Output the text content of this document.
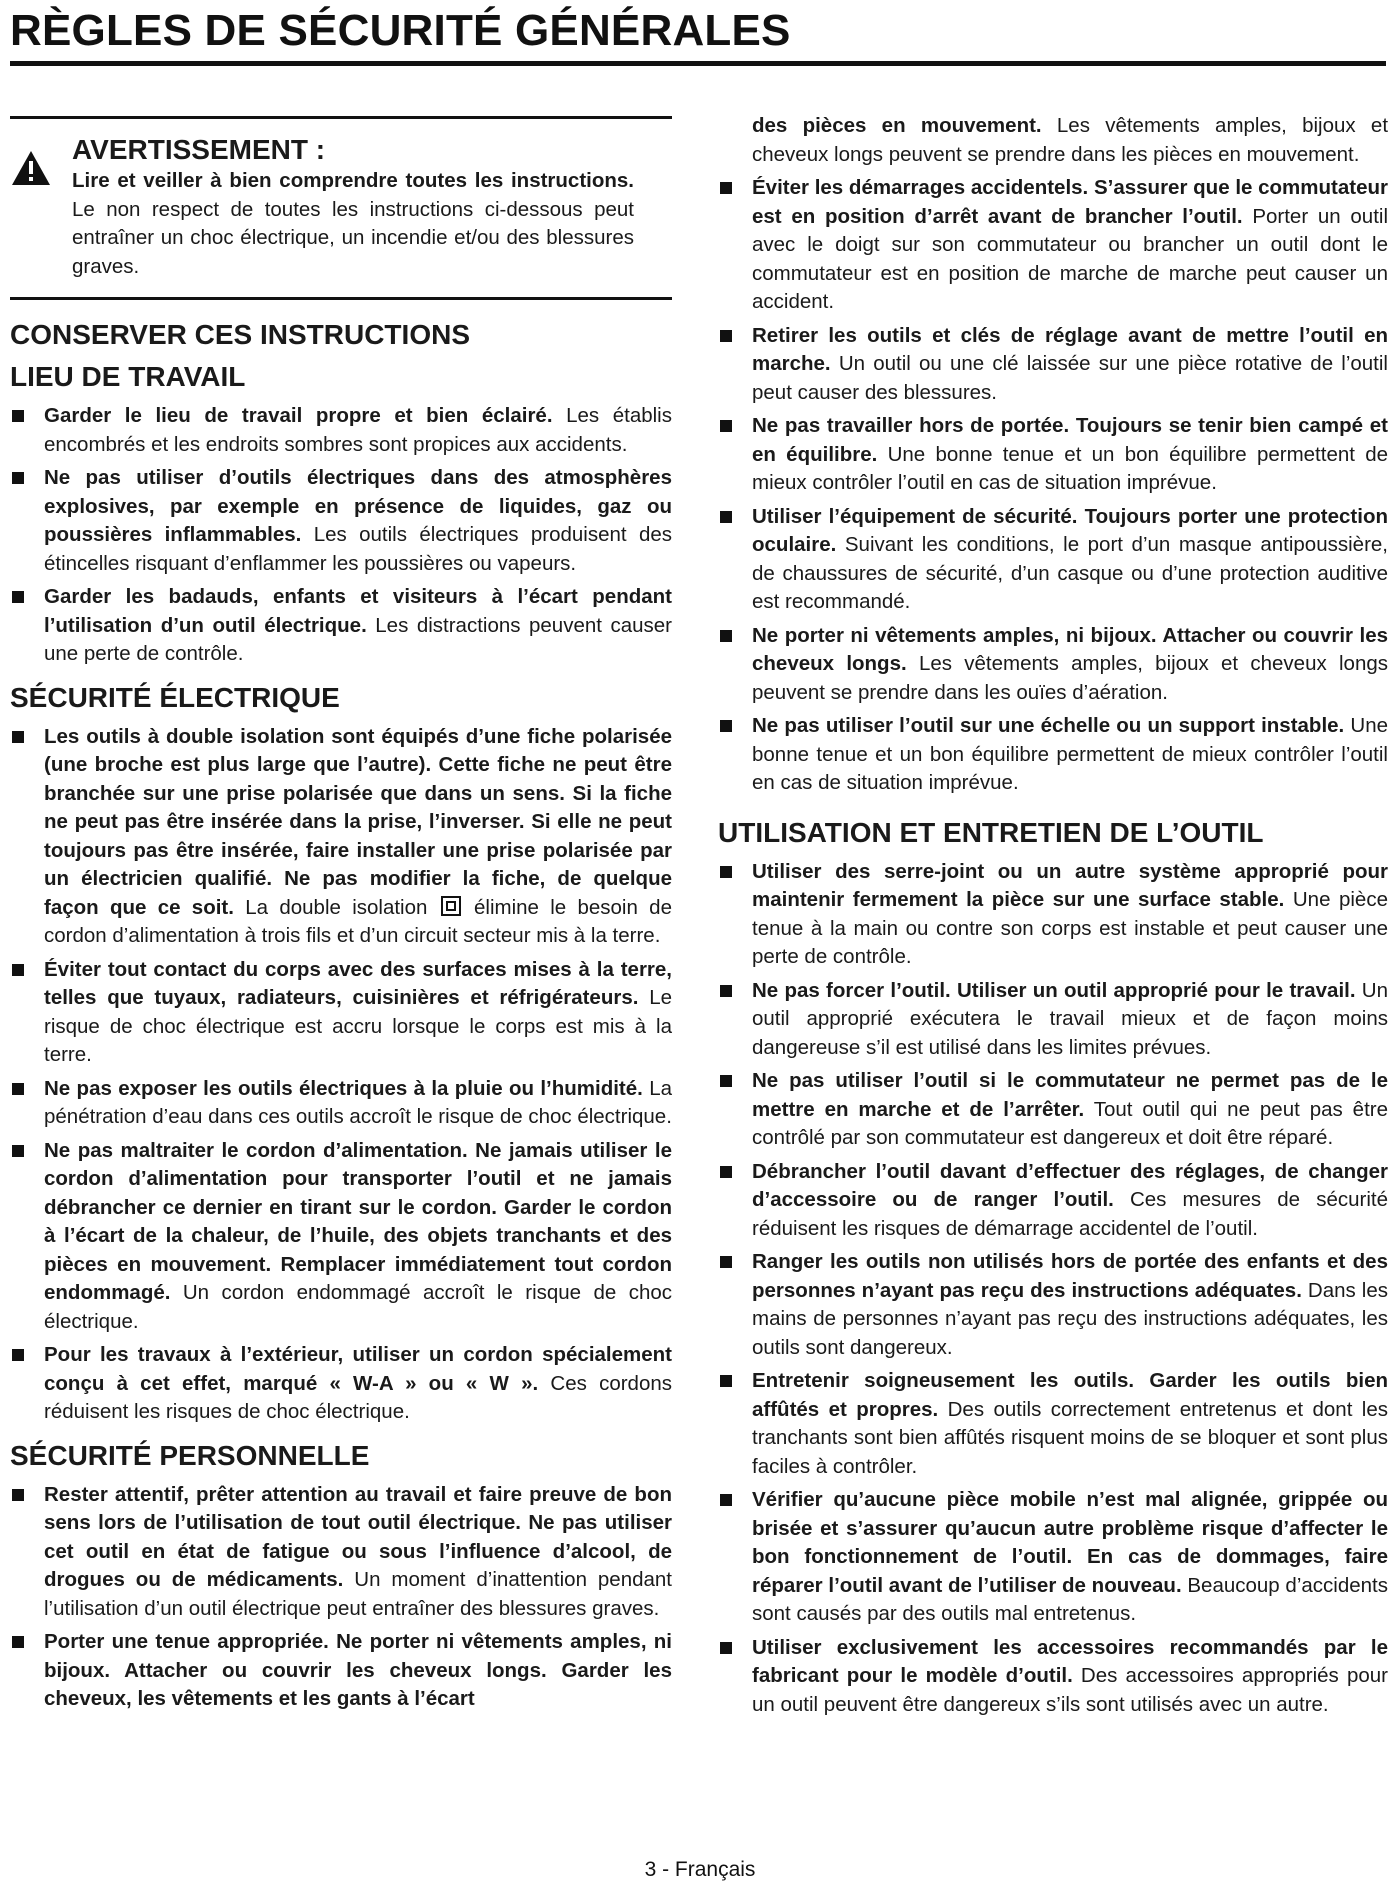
RÈGLES DE SÉCURITÉ GÉNÉRALES
AVERTISSEMENT :
Lire et veiller à bien comprendre toutes les instructions. Le non respect de toutes les instructions ci-dessous peut entraîner un choc électrique, un incendie et/ou des blessures graves.
CONSERVER CES INSTRUCTIONS
LIEU DE TRAVAIL
Garder le lieu de travail propre et bien éclairé. Les établis encombrés et les endroits sombres sont propices aux accidents.
Ne pas utiliser d’outils électriques dans des atmosphères explosives, par exemple en présence de liquides, gaz ou poussières inflammables. Les outils électriques produisent des étincelles risquant d’enflammer les poussières ou vapeurs.
Garder les badauds, enfants et visiteurs à l’écart pendant l’utilisation d’un outil électrique. Les distractions peuvent causer une perte de contrôle.
SÉCURITÉ ÉLECTRIQUE
Les outils à double isolation sont équipés d’une fiche polarisée (une broche est plus large que l’autre). Cette fiche ne peut être branchée sur une prise polarisée que dans un sens. Si la fiche ne peut pas être insérée dans la prise, l’inverser. Si elle ne peut toujours pas être insérée, faire installer une prise polarisée par un électricien qualifié. Ne pas modifier la fiche, de quelque façon que ce soit. La double isolation  élimine le besoin de cordon d’alimentation à trois fils et d’un circuit secteur mis à la terre.
Éviter tout contact du corps avec des surfaces mises à la terre, telles que tuyaux, radiateurs, cuisinières et réfrigérateurs. Le risque de choc électrique est accru lorsque le corps est mis à la terre.
Ne pas exposer les outils électriques à la pluie ou l’humidité. La pénétration d’eau dans ces outils accroît le risque de choc électrique.
Ne pas maltraiter le cordon d’alimentation. Ne jamais utiliser le cordon d’alimentation pour transporter l’outil et ne jamais débrancher ce dernier en tirant sur le cordon. Garder le cordon à l’écart de la chaleur, de l’huile, des objets tranchants et des pièces en mouvement. Remplacer immédiatement tout cordon endommagé. Un cordon endommagé accroît le risque de choc électrique.
Pour les travaux à l’extérieur, utiliser un cordon spécialement conçu à cet effet, marqué « W-A » ou « W ». Ces cordons réduisent les risques de choc électrique.
SÉCURITÉ PERSONNELLE
Rester attentif, prêter attention au travail et faire preuve de bon sens lors de l’utilisation de tout outil électrique. Ne pas utiliser cet outil en état de fatigue ou sous l’influence d’alcool, de drogues ou de médicaments. Un moment d’inattention pendant l’utilisation d’un outil électrique peut entraîner des blessures graves.
Porter une tenue appropriée. Ne porter ni vêtements amples, ni bijoux. Attacher ou couvrir les cheveux longs. Garder les cheveux, les vêtements et les gants à l’écart
des pièces en mouvement. Les vêtements amples, bijoux et cheveux longs peuvent se prendre dans les pièces en mouvement.
Éviter les démarrages accidentels. S’assurer que le commutateur est en position d’arrêt avant de brancher l’outil. Porter un outil avec le doigt sur son commutateur ou brancher un outil dont le commutateur est en position de marche de marche peut causer un accident.
Retirer les outils et clés de réglage avant de mettre l’outil en marche. Un outil ou une clé laissée sur une pièce rotative de l’outil peut causer des blessures.
Ne pas travailler hors de portée. Toujours se tenir bien campé et en équilibre. Une bonne tenue et un bon équilibre permettent de mieux contrôler l’outil en cas de situation imprévue.
Utiliser l’équipement de sécurité. Toujours porter une protection oculaire. Suivant les conditions, le port d’un masque antipoussière, de chaussures de sécurité, d’un casque ou d’une protection auditive est recommandé.
Ne porter ni vêtements amples, ni bijoux. Attacher ou couvrir les cheveux longs. Les vêtements amples, bijoux et cheveux longs peuvent se prendre dans les ouïes d’aération.
Ne pas utiliser l’outil sur une échelle ou un support instable. Une bonne tenue et un bon équilibre permettent de mieux contrôler l’outil en cas de situation imprévue.
UTILISATION ET ENTRETIEN DE L’OUTIL
Utiliser des serre-joint ou un autre système approprié pour maintenir fermement la pièce sur une surface stable. Une pièce tenue à la main ou contre son corps est instable et peut causer une perte de contrôle.
Ne pas forcer l’outil. Utiliser un outil approprié pour le travail. Un outil approprié exécutera le travail mieux et de façon moins dangereuse s’il est utilisé dans les limites prévues.
Ne pas utiliser l’outil si le commutateur ne permet pas de le mettre en marche et de l’arrêter. Tout outil qui ne peut pas être contrôlé par son commutateur est dangereux et doit être réparé.
Débrancher l’outil davant d’effectuer des réglages, de changer d’accessoire ou de ranger l’outil. Ces mesures de sécurité réduisent les risques de démarrage accidentel de l’outil.
Ranger les outils non utilisés hors de portée des enfants et des personnes n’ayant pas reçu des instructions adéquates. Dans les mains de personnes n’ayant pas reçu des instructions adéquates, les outils sont dangereux.
Entretenir soigneusement les outils. Garder les outils bien affûtés et propres. Des outils correctement entretenus et dont les tranchants sont bien affûtés risquent moins de se bloquer et sont plus faciles à contrôler.
Vérifier qu’aucune pièce mobile n’est mal alignée, grippée ou brisée et s’assurer qu’aucun autre problème risque d’affecter le bon fonctionnement de l’outil. En cas de dommages, faire réparer l’outil avant de l’utiliser de nouveau. Beaucoup d’accidents sont causés par des outils mal entretenus.
Utiliser exclusivement les accessoires recommandés par le fabricant pour le modèle d’outil. Des accessoires appropriés pour un outil peuvent être dangereux s’ils sont utilisés avec un autre.
3 - Français
